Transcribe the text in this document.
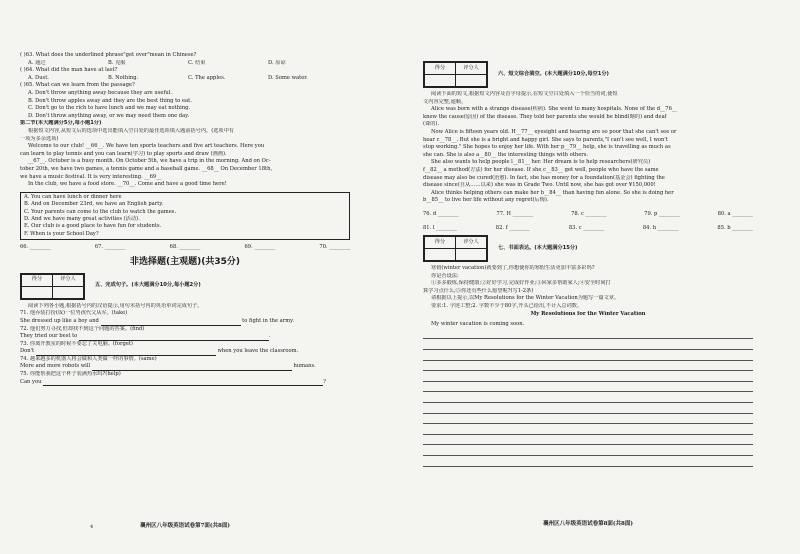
( )63. What does the underlined phrase"get over"mean in Chinese?
A. 通过	B. 克服	C. 结束	D. 原谅
( )64. What did the man have at last?
A. Dust.	B. Nothing.	C. The apples.	D. Some water.
( )65. What can we learn from the passage?
A. Don't throw anything away because they are useful.
B. Don't throw apples away and they are the best thing to eat.
C. Don't go to the rich to have lunch and we may eat nothing.
D. Don't throw anything away, or we may need them one day.
第二节(本大题满分5分,每小题1分)
根据短文内容,从短文后的选项中选出能填入空白处的最佳选项填入题前括号内。(选项中有
一项为多余选项)
Welcome to our club! __66__. We have ten sports teachers and five art teachers. Here you
can learn to play tennis and you can learn(学习) to play sports and draw (画画).
__67__. October is a busy month. On October 5th, we have a trip in the morning. And on Oc-
tober 20th, we have two games, a tennis game and a baseball game. __68__ On December 18th,
we have a music festival. It is very interesting. __69__
In the club, we have a food store. __70__. Come and have a good time here!
A. You can have lunch or dinner here
B. And on December 23rd, we have an English party.
C. Your parents can come to the club to watch the games.
D. And we have many great activities (活动).
E. Our club is a good place to have fun for students.
F. When is your School Day?
66. ________	67. ________	68. ________	69. ________	70. ________
非选择题(主观题)(共35分)
得分	评分人

五、完成句子。(本大题满分10分,每小题2分)
阅读下列各小题,根据括号内的汉语提示,用句末括号内的英语单词完成句子。
71. 他乔装打扮(成)一位男孩代父从军。(take)
She dressed up like a boy and	to fight in the army.
72. 他们努力寻找,但却找不到这个问题的答案。(find)
They tried our best to	.
73. 你离开教室的时候不要忘了关电脑。(forget)
Don't	when you leave the classroom.
74. 越来越多的机器人将会做和人类做一样的事情。(same)
More and more robots will	humans.
75. 你能帮我把这个杯子装满热水吗?(help)
Can you	?
襄州区八年级英语试卷第7面(共8面)
4
得分	评分人

六、短文综合填空。(本大题满分10分,每空1分)
阅读下面的短文,根据短文内容及首字母提示,在短文空白处填入一个恰当的词,使短
文内容完整,通顺。
Alice was born with a strange disease(疾病). She went to many hospitals. None of the d__76__
knew the cause(原因) of the disease. They told her parents she would be blind(瞎的) and deaf
(聋的).
Now Alice is fifteen years old. H__77__ eyesight and hearing are so poor that she can't see or
hear c__78__. But she is a bright and happy girl. She says to parents,"I can't see well, I won't
stop working." She hopes to enjoy her life. With her p__79__ help, she is travelling as much as
she can. She is also a__80__ the interesting things with others.
She also wants to help people l__81__ her. Her dream is to help researchers(研究员)
f__82__ a method(方法) for her disease. If she c__83__ get well, people who have the same
disease may also be cured(治愈). In fact, she has money for a foundation(基金会) fighting the
disease since(自从……以来) she was in Grade Two. Until now, she has got over ¥150,000!
Alice thinks helping others can make her h__84__ than having fun alone. So she is doing her
b__85__ to live her life without any regret(后悔).
76. d ________	77. H ________	78. c ________	79. p ________	80. a ________
81. l ________	82. f ________	83. c ________	84. h ________	85. b ________
得分	评分人

七、书面表达。(本大题满分15分)
寒假(winter vacation)就要到了,你想使你的寒假生活更加丰富多彩吗?
你是否设法:
①多多锻炼,保持健康;②好好学习,完成好作业;③回家多帮助家人;④安全时间打
算学习点什么;⑤你还有些什么愿望呢?(写1-2条)
请根据以上提示,以My Resolutions for the Winter Vacation为题写一篇文章。
要求:1. 字迹工整;2. 字数不少于80字,开头已给出,不计入总词数。
My Resolutions for the Winter Vacation
My winter vacation is coming soon.
襄州区八年级英语试卷第8面(共8面)
